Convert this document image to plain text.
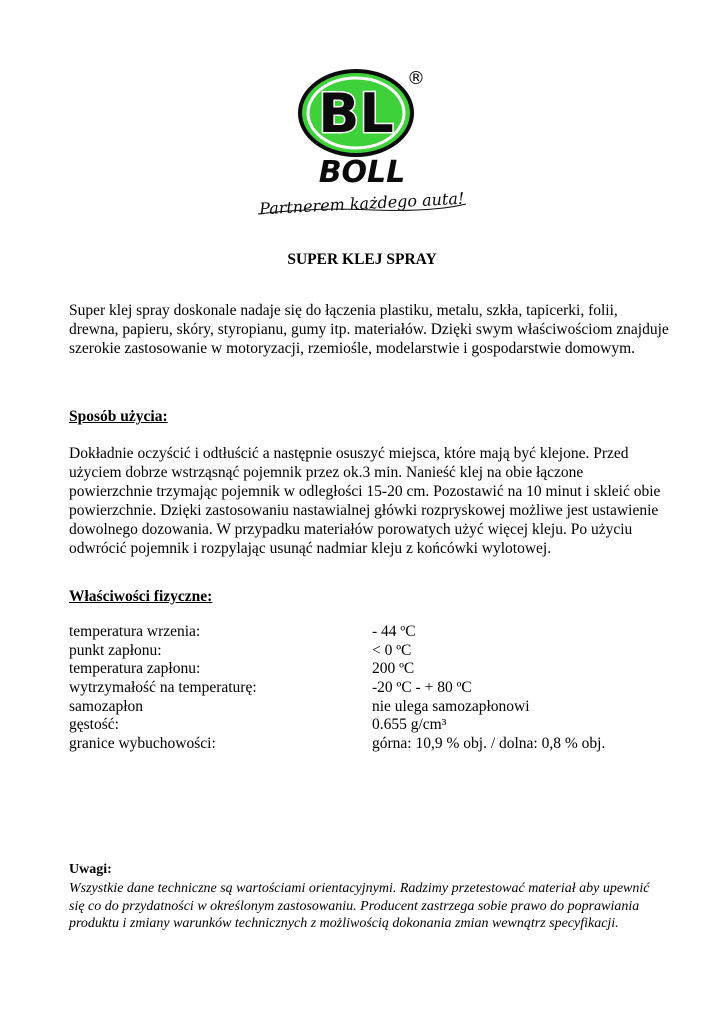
BL
®
BOLL
Partnerem każdego auta!
SUPER KLEJ SPRAY

Super klej spray doskonale nadaje się do łączenia plastiku, metalu, szkła, tapicerki, folii, drewna, papieru, skóry, styropianu, gumy itp. materiałów. Dzięki swym właściwościom znajduje szerokie zastosowanie w motoryzacji, rzemiośle, modelarstwie i gospodarstwie domowym.

Sposób użycia:

Dokładnie oczyścić i odtłuścić a następnie osuszyć miejsca, które mają być klejone. Przed użyciem dobrze wstrząsnąć pojemnik przez ok.3 min. Nanieść klej na obie łączone powierzchnie trzymając pojemnik w odległości 15-20 cm. Pozostawić na 10 minut i skleić obie powierzchnie. Dzięki zastosowaniu nastawialnej główki rozpryskowej możliwe jest ustawienie dowolnego dozowania. W przypadku materiałów porowatych użyć więcej kleju. Po użyciu odwrócić pojemnik i rozpylając usunąć nadmiar kleju z końcówki wylotowej.

Właściwości fizyczne:
temperatura wrzenia:	- 44 ºC
punkt zapłonu:	< 0 ºC
temperatura zapłonu:	200 ºC
wytrzymałość na temperaturę:	-20 ºC - + 80 ºC
samozapłon	nie ulega samozapłonowi
gęstość:	0.655 g/cm³
granice wybuchowości:	górna: 10,9 % obj. / dolna: 0,8 % obj.
Uwagi:

Wszystkie dane techniczne są wartościami orientacyjnymi. Radzimy przetestować materiał aby upewnić się co do przydatności w określonym zastosowaniu. Producent zastrzega sobie prawo do poprawiania produktu i zmiany warunków technicznych z możliwością dokonania zmian wewnątrz specyfikacji.
